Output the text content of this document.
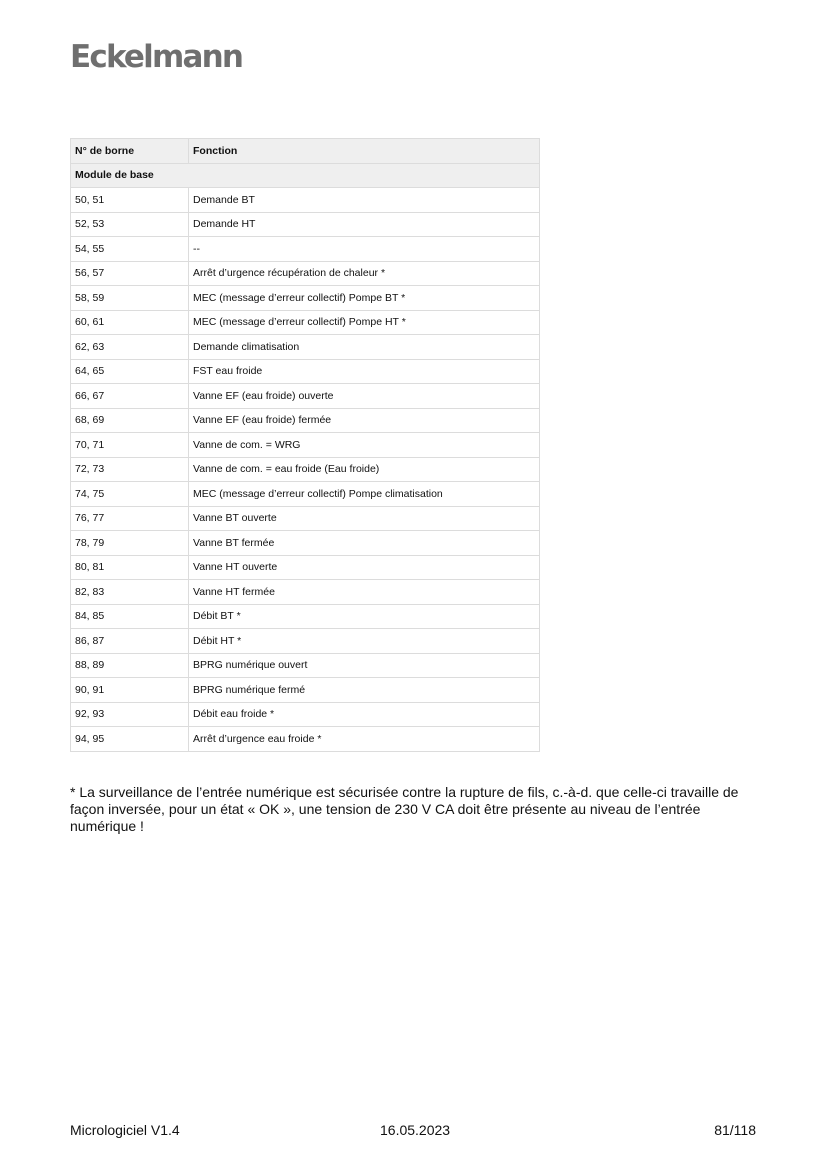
Eckelmann
N° de borne	Fonction
Module de base	
50, 51	Demande BT
52, 53	Demande HT
54, 55	--
56, 57	Arrêt d’urgence récupération de chaleur *
58, 59	MEC (message d’erreur collectif) Pompe BT *
60, 61	MEC (message d’erreur collectif) Pompe HT *
62, 63	Demande climatisation
64, 65	FST eau froide
66, 67	Vanne EF (eau froide) ouverte
68, 69	Vanne EF (eau froide) fermée
70, 71	Vanne de com. = WRG
72, 73	Vanne de com. = eau froide (Eau froide)
74, 75	MEC (message d’erreur collectif) Pompe climatisation
76, 77	Vanne BT ouverte
78, 79	Vanne BT fermée
80, 81	Vanne HT ouverte
82, 83	Vanne HT fermée
84, 85	Débit BT *
86, 87	Débit HT *
88, 89	BPRG numérique ouvert
90, 91	BPRG numérique fermé
92, 93	Débit eau froide *
94, 95	Arrêt d’urgence eau froide *
* La surveillance de l’entrée numérique est sécurisée contre la rupture de fils, c.-à-d. que celle-ci travaille de façon inversée, pour un état « OK », une tension de 230 V CA doit être présente au niveau de l’entrée numérique !
Micrologiciel V1.4	16.05.2023	81/118
